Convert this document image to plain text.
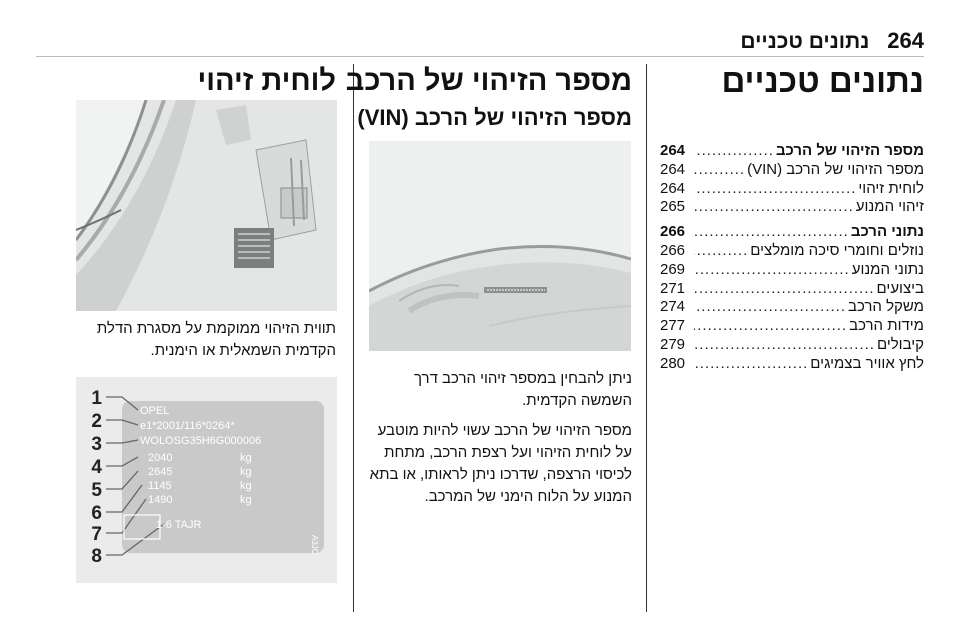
264
נתונים טכניים
נתונים טכניים
מספר הזיהוי של הרכב
.....
264
מספר הזיהוי של הרכב (VIN)
.....
264
לוחית זיהוי
.....
264
זיהוי המנוע
.....
265
נתוני הרכב
.....
266
נוזלים וחומרי סיכה מומלצים
.....
266
נתוני המנוע
.....
269
ביצועים
.....
271
משקל הרכב
.....
274
מידות הרכב
.....
277
קיבולים
.....
279
לחץ אוויר בצמיגים
.....
280
מספר הזיהוי של הרכב
מספר הזיהוי של הרכב (VIN)

ניתן להבחין במספר זיהוי הרכב דרך השמשה הקדמית.

מספר הזיהוי של הרכב עשוי להיות מוטבע על לוחית הזיהוי ועל רצפת הרכב, מתחת לכיסוי הרצפה, שדרכו ניתן לראותו, או בתא המנוע על הלוח הימני של המרכב.

לוחית זיהוי

תווית הזיהוי ממוקמת על מסגרת הדלת הקדמית השמאלית או הימנית.

OPEL
e1*2001/116*0264*
WOLOSG35H6G000006
2040
2645
1145
1490
kg
kg
kg
kg
1-6 TAJR
A3JC
1
2
3
4
5
6
7
8
